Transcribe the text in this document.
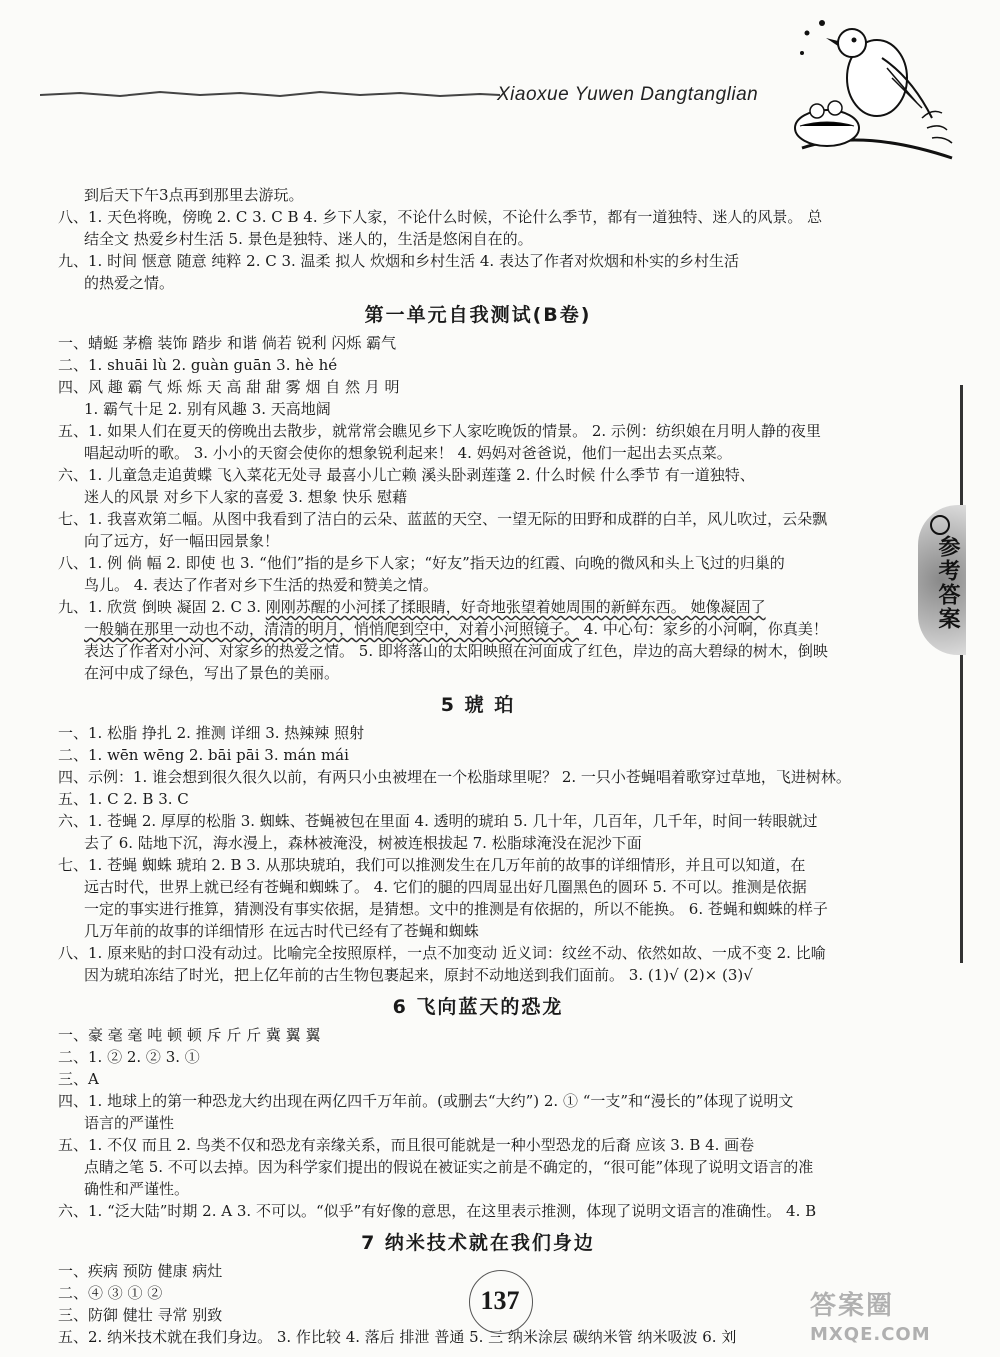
Xiaoxue Yuwen Dangtanglian
参考答案
到后天下午3点再到那里去游玩。
八、1. 天色将晚，傍晚 2. C 3. C B 4. 乡下人家，不论什么时候，不论什么季节，都有一道独特、迷人的风景。 总
结全文 热爱乡村生活 5. 景色是独特、迷人的，生活是悠闲自在的。
九、1. 时间 惬意 随意 纯粹 2. C 3. 温柔 拟人 炊烟和乡村生活 4. 表达了作者对炊烟和朴实的乡村生活
的热爱之情。
第一单元自我测试(B卷)
一、蜻蜓 茅檐 装饰 踏步 和谐 倘若 锐利 闪烁 霸气
二、1. shuāi lù 2. guàn guān 3. hè hé
四、风 趣 霸 气 烁 烁 天 高 甜 甜 雾 烟 自 然 月 明
1. 霸气十足 2. 别有风趣 3. 天高地阔
五、1. 如果人们在夏天的傍晚出去散步，就常常会瞧见乡下人家吃晚饭的情景。 2. 示例：纺织娘在月明人静的夜里
唱起动听的歌。 3. 小小的天窗会使你的想象锐利起来！ 4. 妈妈对爸爸说，他们一起出去买点菜。
六、1. 儿童急走追黄蝶 飞入菜花无处寻 最喜小儿亡赖 溪头卧剥莲蓬 2. 什么时候 什么季节 有一道独特、
迷人的风景 对乡下人家的喜爱 3. 想象 快乐 慰藉
七、1. 我喜欢第二幅。从图中我看到了洁白的云朵、蓝蓝的天空、一望无际的田野和成群的白羊，风儿吹过，云朵飘
向了远方，好一幅田园景象！
八、1. 例 倘 幅 2. 即使 也 3. “他们”指的是乡下人家；“好友”指天边的红霞、向晚的微风和头上飞过的归巢的
鸟儿。 4. 表达了作者对乡下生活的热爱和赞美之情。
九、1. 欣赏 倒映 凝固 2. C 3. 刚刚苏醒的小河揉了揉眼睛，好奇地张望着她周围的新鲜东西。 她像凝固了
一般躺在那里一动也不动，清清的明月，悄悄爬到空中，对着小河照镜子。 4. 中心句：家乡的小河啊，你真美！
表达了作者对小河、对家乡的热爱之情。 5. 即将落山的太阳映照在河面成了红色，岸边的高大碧绿的树木，倒映
在河中成了绿色，写出了景色的美丽。
5 琥 珀
一、1. 松脂 挣扎 2. 推测 详细 3. 热辣辣 照射
二、1. wēn wēng 2. bāi pāi 3. mán mái
四、示例：1. 谁会想到很久很久以前，有两只小虫被埋在一个松脂球里呢？ 2. 一只小苍蝇唱着歌穿过草地，飞进树林。
五、1. C 2. B 3. C
六、1. 苍蝇 2. 厚厚的松脂 3. 蜘蛛、苍蝇被包在里面 4. 透明的琥珀 5. 几十年，几百年，几千年，时间一转眼就过
去了 6. 陆地下沉，海水漫上，森林被淹没，树被连根拔起 7. 松脂球淹没在泥沙下面
七、1. 苍蝇 蜘蛛 琥珀 2. B 3. 从那块琥珀，我们可以推测发生在几万年前的故事的详细情形，并且可以知道，在
远古时代，世界上就已经有苍蝇和蜘蛛了。 4. 它们的腿的四周显出好几圈黑色的圆环 5. 不可以。推测是依据
一定的事实进行推算，猜测没有事实依据，是猜想。文中的推测是有依据的，所以不能换。 6. 苍蝇和蜘蛛的样子
几万年前的故事的详细情形 在远古时代已经有了苍蝇和蜘蛛
八、1. 原来贴的封口没有动过。比喻完全按照原样，一点不加变动 近义词：纹丝不动、依然如故、一成不变 2. 比喻
因为琥珀冻结了时光，把上亿年前的古生物包裹起来，原封不动地送到我们面前。 3. (1)√ (2)× (3)√
6 飞向蓝天的恐龙
一、豪 毫 毫 吨 顿 顿 斥 斤 斤 冀 翼 翼
二、1. ② 2. ② 3. ①
三、A
四、1. 地球上的第一种恐龙大约出现在两亿四千万年前。(或删去“大约”) 2. ① “一支”和“漫长的”体现了说明文
语言的严谨性
五、1. 不仅 而且 2. 鸟类不仅和恐龙有亲缘关系，而且很可能就是一种小型恐龙的后裔 应该 3. B 4. 画卷
点睛之笔 5. 不可以去掉。因为科学家们提出的假说在被证实之前是不确定的，“很可能”体现了说明文语言的准
确性和严谨性。
六、1. “泛大陆”时期 2. A 3. 不可以。“似乎”有好像的意思，在这里表示推测，体现了说明文语言的准确性。 4. B
7 纳米技术就在我们身边
一、疾病 预防 健康 病灶
二、④ ③ ① ②
三、防御 健壮 寻常 别致
五、2. 纳米技术就在我们身边。 3. 作比较 4. 落后 排泄 普通 5. 三 纳米涂层 碳纳米管 纳米吸波 6. 刘
137	答案圈
MXQE.COM
